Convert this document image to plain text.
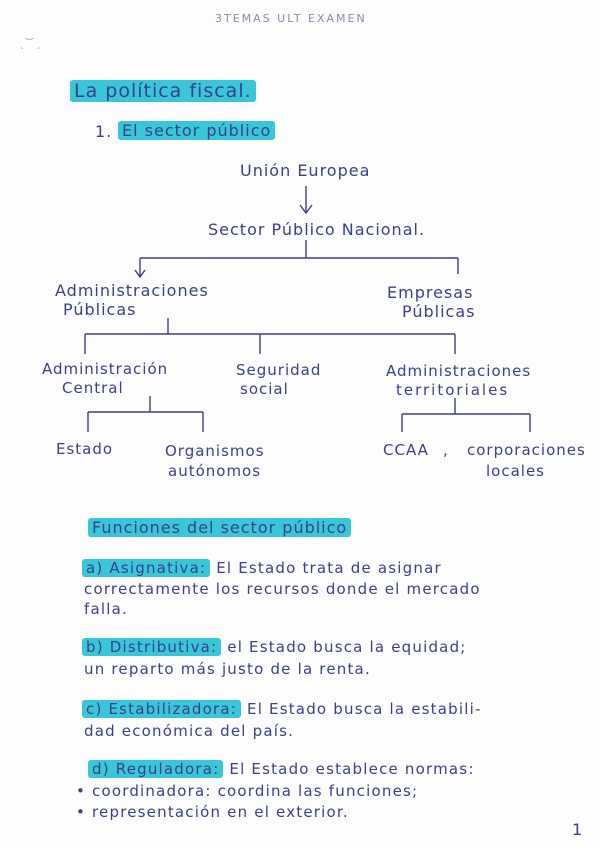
3TEMAS ULT EXAMEN
ˎ ͝ ¸
La política fiscal.
1. El sector público
Unión Europea
Sector Público Nacional.
Administraciones
Públicas
Empresas
Públicas
Administración
Central
Seguridad
social
Administraciones
territoriales
Estado	Organismos
autónomos
CCAA , corporaciones
locales
Funciones del sector público
a) Asignativa: El Estado trata de asignar
correctamente los recursos donde el mercado
falla.
b) Distributiva: el Estado busca la equidad;
un reparto más justo de la renta.
c) Estabilizadora: El Estado busca la estabili-
dad económica del país.
d) Reguladora: El Estado establece normas:
• coordinadora: coordina las funciones;
• representación en el exterior.
1
